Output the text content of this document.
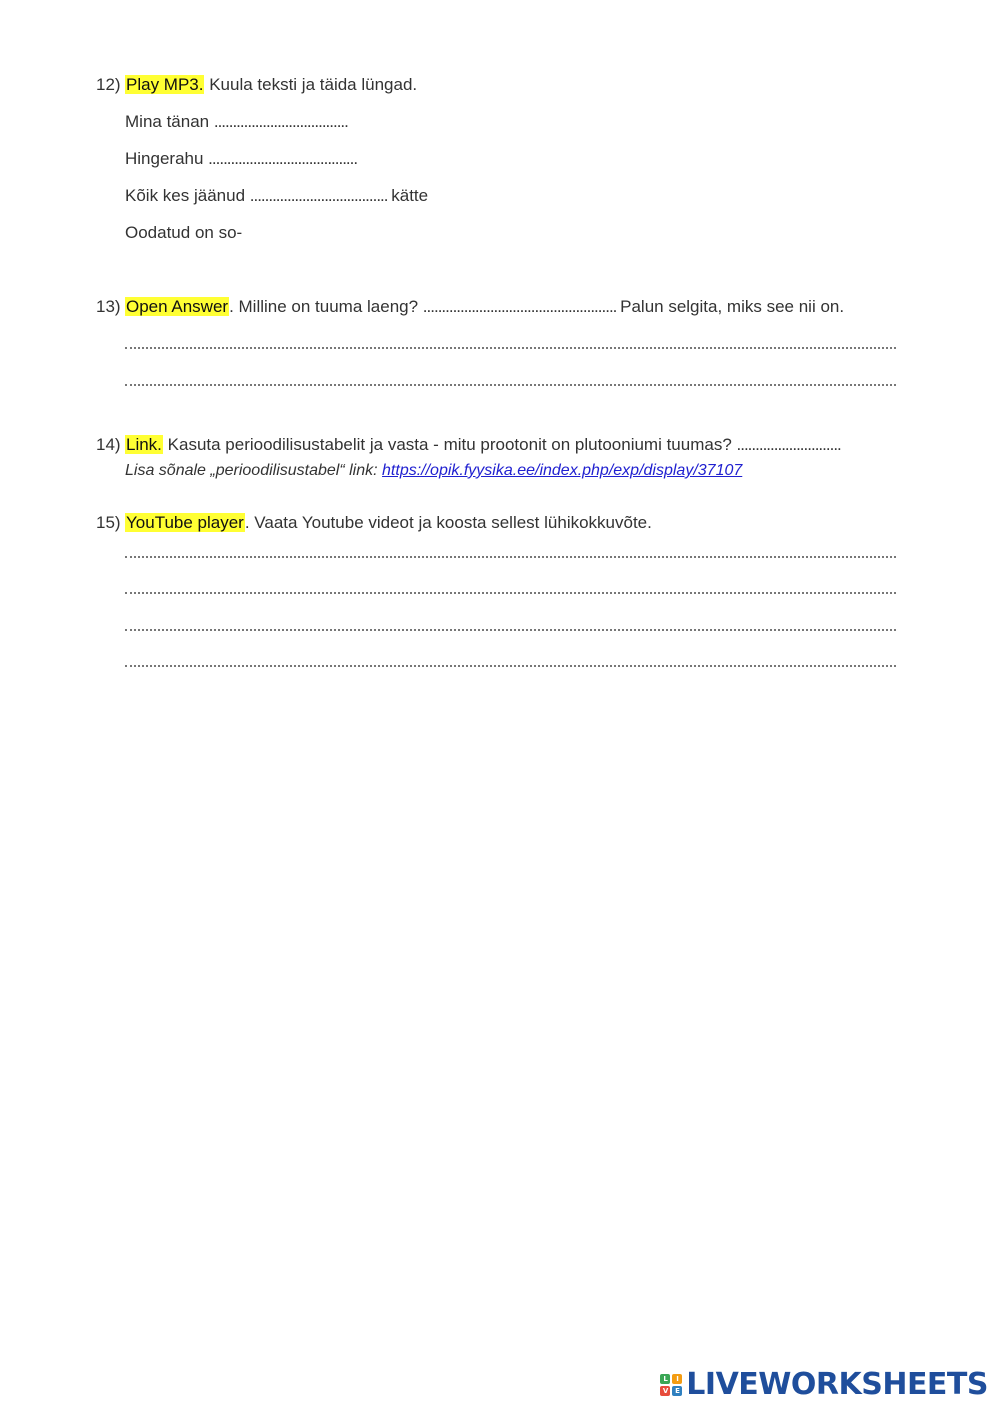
12) Play MP3. Kuula teksti ja täida lüngad.
Mina tänan ....................................
Hingerahu ........................................
Kõik kes jäänud ..................................... kätte
Oodatud on so-
13) Open Answer. Milline on tuuma laeng? .................................................... Palun selgita, miks see nii on.
14) Link. Kasuta perioodilisustabelit ja vasta - mitu prootonit on plutooniumi tuumas? ............................
Lisa sõnale „perioodilisustabel“ link: https://opik.fyysika.ee/index.php/exp/display/37107
15) YouTube player. Vaata Youtube videot ja koosta sellest lühikokkuvõte.
L	I
V	E LIVEWORKSHEETS
